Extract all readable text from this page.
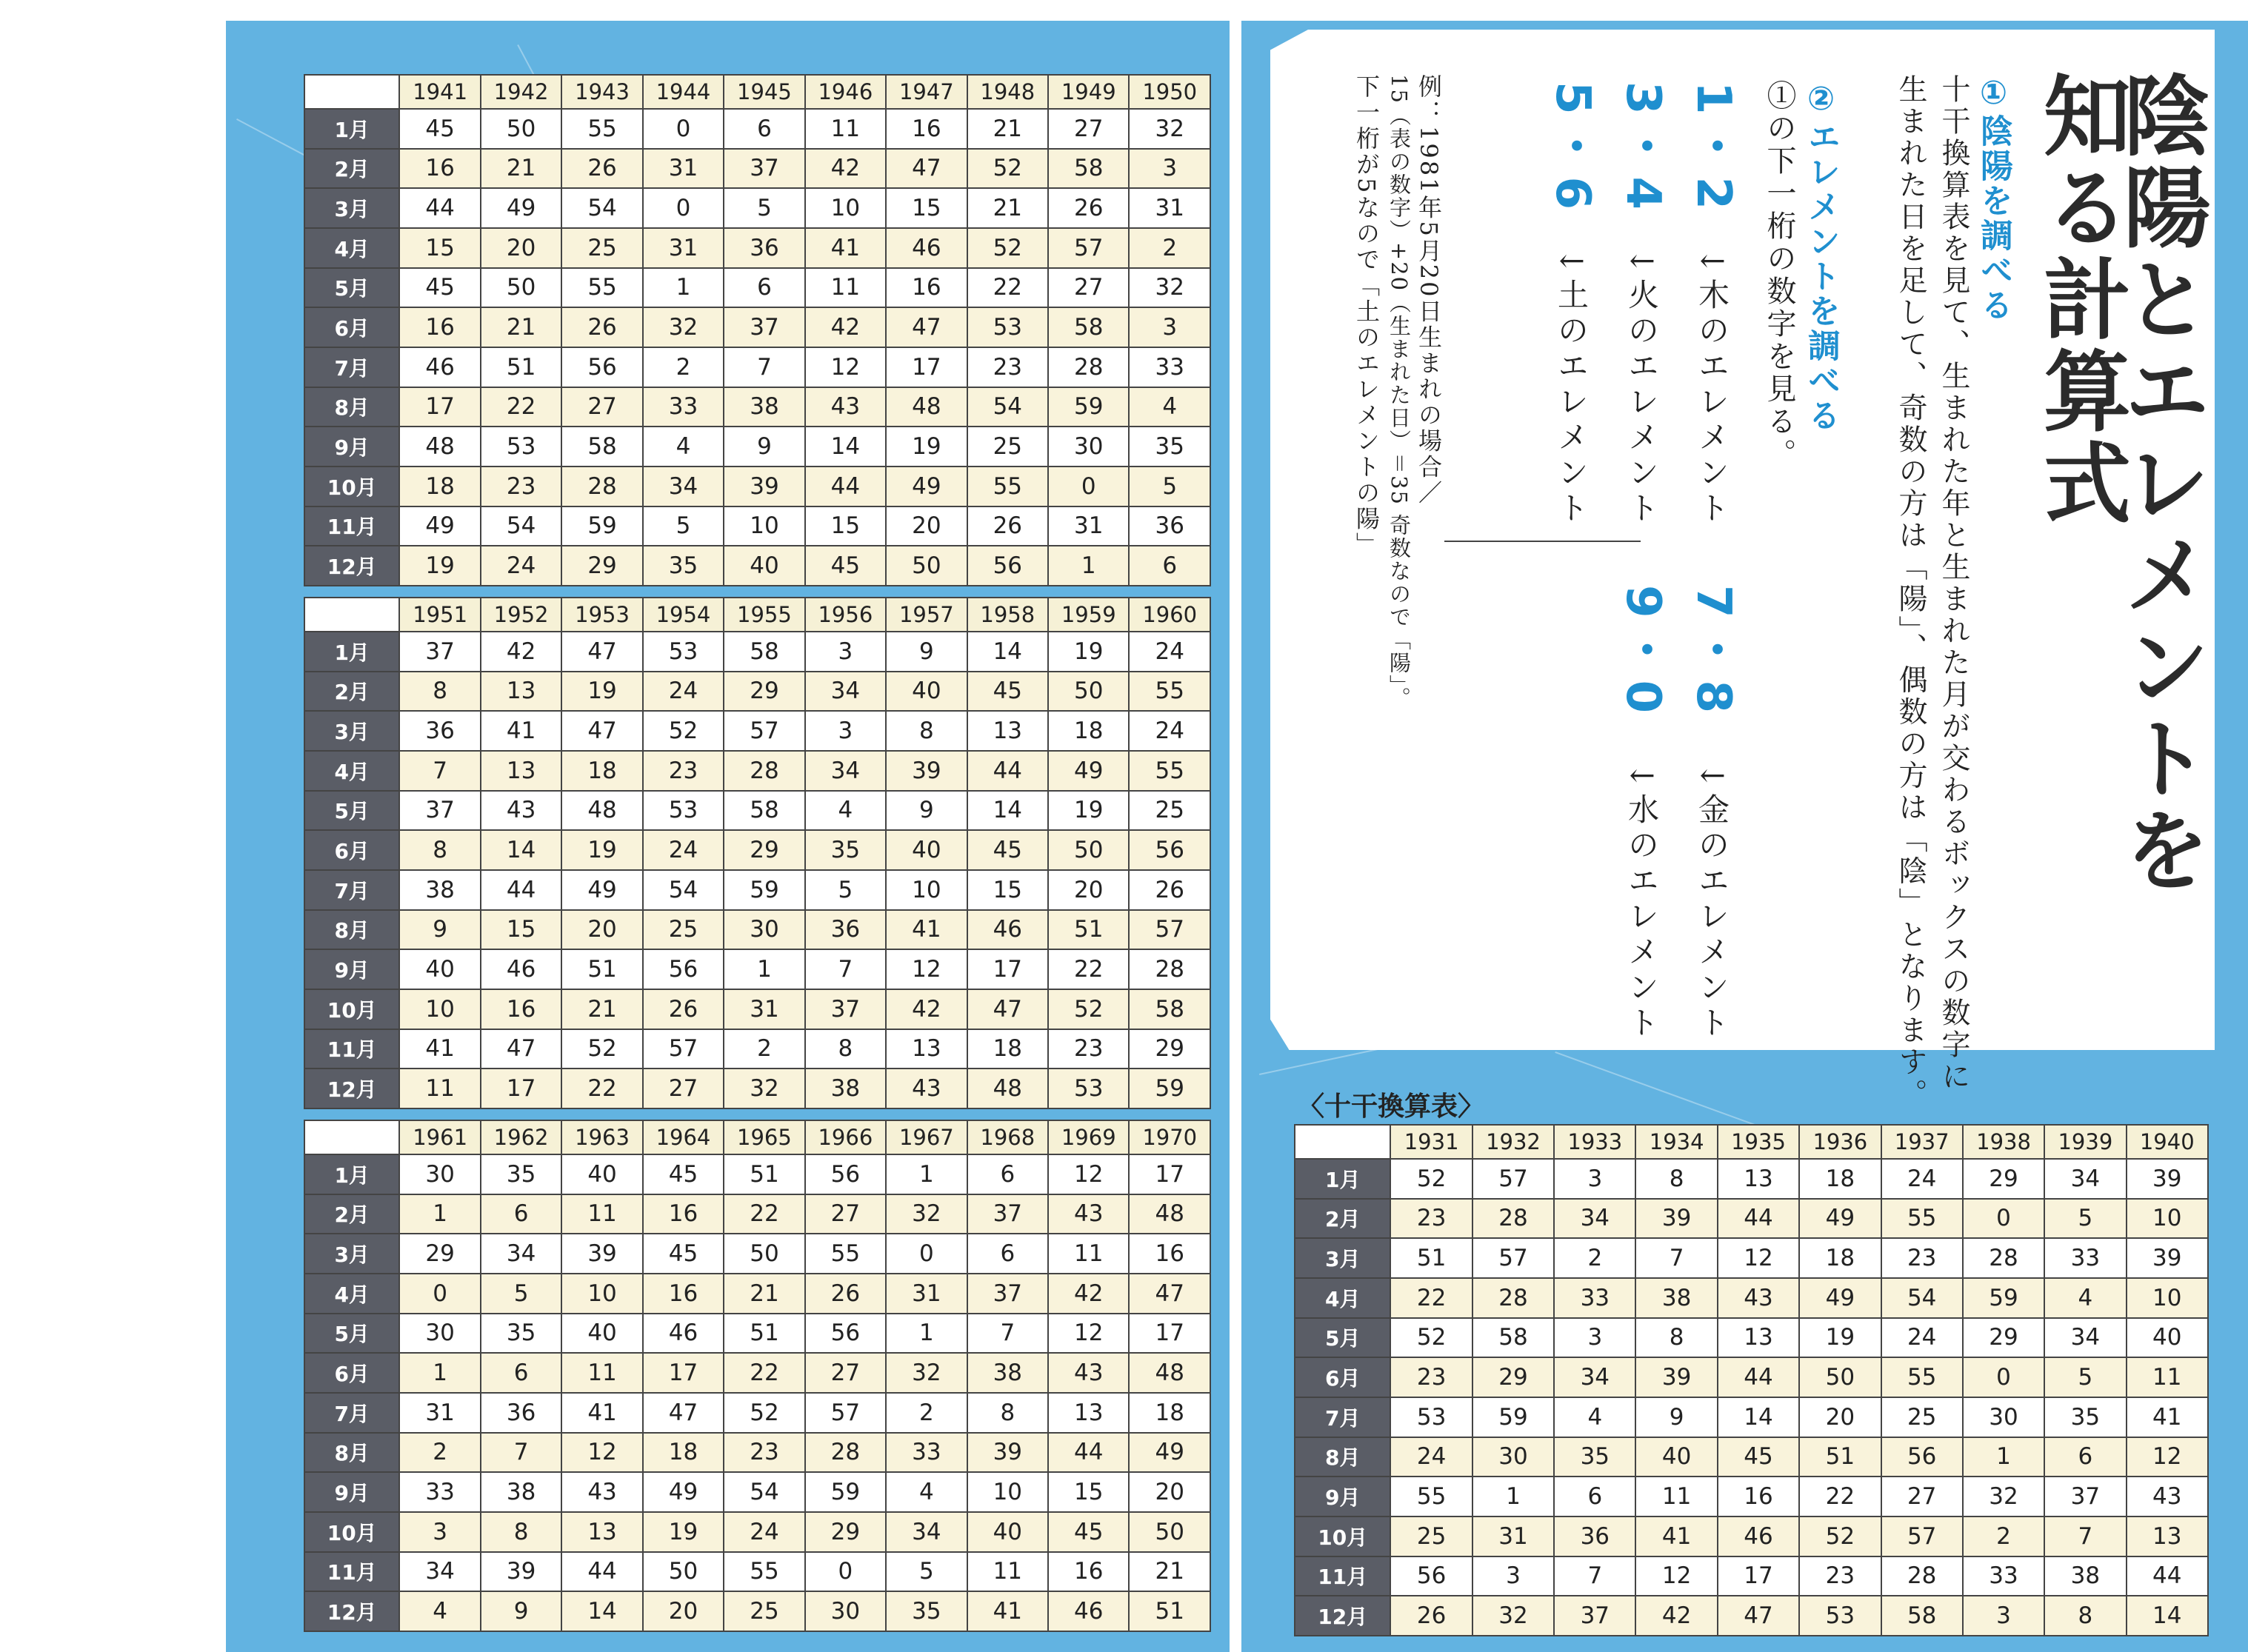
	1941	1942	1943	1944	1945	1946	1947	1948	1949	1950
1月	45	50	55	0	6	11	16	21	27	32
2月	16	21	26	31	37	42	47	52	58	3
3月	44	49	54	0	5	10	15	21	26	31
4月	15	20	25	31	36	41	46	52	57	2
5月	45	50	55	1	6	11	16	22	27	32
6月	16	21	26	32	37	42	47	53	58	3
7月	46	51	56	2	7	12	17	23	28	33
8月	17	22	27	33	38	43	48	54	59	4
9月	48	53	58	4	9	14	19	25	30	35
10月	18	23	28	34	39	44	49	55	0	5
11月	49	54	59	5	10	15	20	26	31	36
12月	19	24	29	35	40	45	50	56	1	6
	1951	1952	1953	1954	1955	1956	1957	1958	1959	1960
1月	37	42	47	53	58	3	9	14	19	24
2月	8	13	19	24	29	34	40	45	50	55
3月	36	41	47	52	57	3	8	13	18	24
4月	7	13	18	23	28	34	39	44	49	55
5月	37	43	48	53	58	4	9	14	19	25
6月	8	14	19	24	29	35	40	45	50	56
7月	38	44	49	54	59	5	10	15	20	26
8月	9	15	20	25	30	36	41	46	51	57
9月	40	46	51	56	1	7	12	17	22	28
10月	10	16	21	26	31	37	42	47	52	58
11月	41	47	52	57	2	8	13	18	23	29
12月	11	17	22	27	32	38	43	48	53	59
	1961	1962	1963	1964	1965	1966	1967	1968	1969	1970
1月	30	35	40	45	51	56	1	6	12	17
2月	1	6	11	16	22	27	32	37	43	48
3月	29	34	39	45	50	55	0	6	11	16
4月	0	5	10	16	21	26	31	37	42	47
5月	30	35	40	46	51	56	1	7	12	17
6月	1	6	11	17	22	27	32	38	43	48
7月	31	36	41	47	52	57	2	8	13	18
8月	2	7	12	18	23	28	33	39	44	49
9月	33	38	43	49	54	59	4	10	15	20
10月	3	8	13	19	24	29	34	40	45	50
11月	34	39	44	50	55	0	5	11	16	21
12月	4	9	14	20	25	30	35	41	46	51
	1931	1932	1933	1934	1935	1936	1937	1938	1939	1940
1月	52	57	3	8	13	18	24	29	34	39
2月	23	28	34	39	44	49	55	0	5	10
3月	51	57	2	7	12	18	23	28	33	39
4月	22	28	33	38	43	49	54	59	4	10
5月	52	58	3	8	13	19	24	29	34	40
6月	23	29	34	39	44	50	55	0	5	11
7月	53	59	4	9	14	20	25	30	35	41
8月	24	30	35	40	45	51	56	1	6	12
9月	55	1	6	11	16	22	27	32	37	43
10月	25	31	36	41	46	52	57	2	7	13
11月	56	3	7	12	17	23	28	33	38	44
12月	26	32	37	42	47	53	58	3	8	14
〈十干換算表〉
陰陽とエレメントを
知る計算式
①陰陽を調べる
十干換算表を見て、生まれた年と生まれた月が交わるボックスの数字に
生まれた日を足して、奇数の方は「陽」、偶数の方は「陰」となります。
②エレメントを調べる
①の下一桁の数字を見る。
1・2
↓木のエレメント
3・4
↓火のエレメント
5・6
↓土のエレメント
7・8
↓金のエレメント
9・0
↓水のエレメント
例：1981年5月20日生まれの場合／
15（表の数字）+20（生まれた日）＝35 奇数なので「陽」。
下一桁が5なので「土のエレメントの陽」
